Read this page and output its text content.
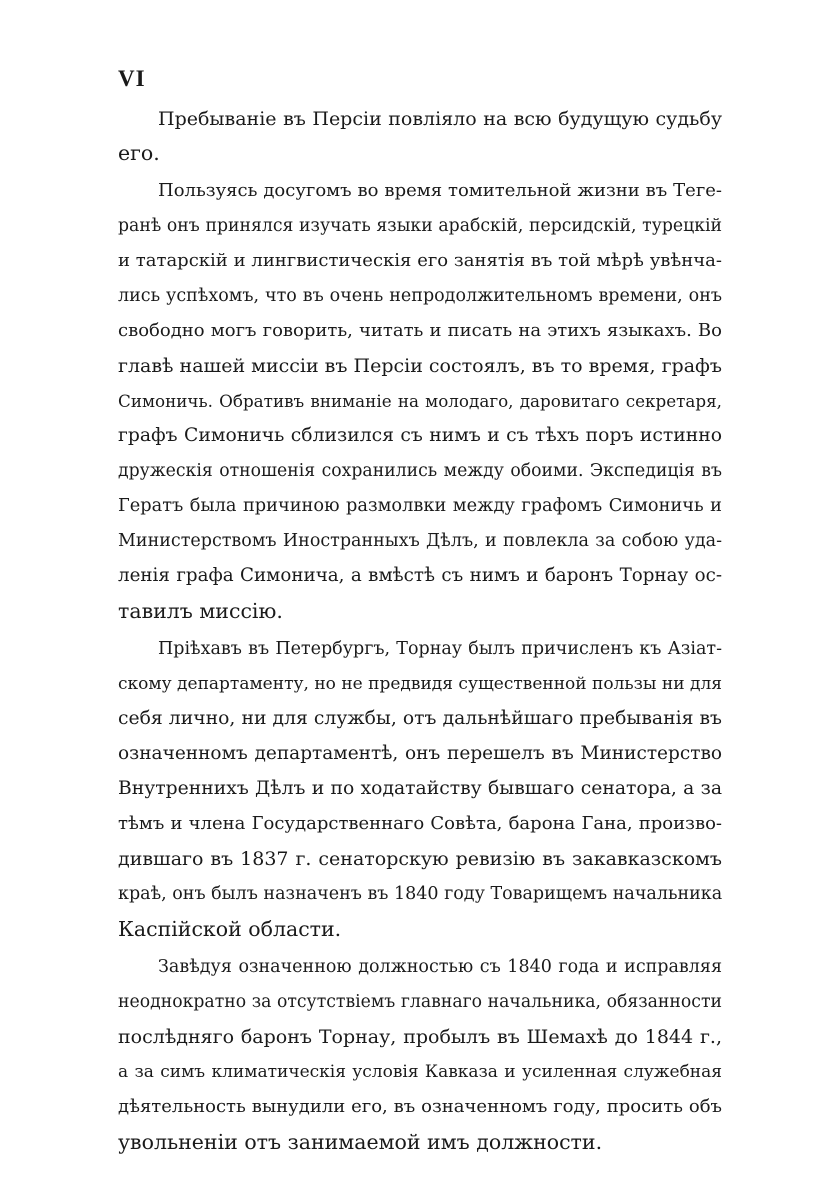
VI
Пребываніе въ Персіи повліяло на всю будущую судьбу
его.
Пользуясь досугомъ во время томительной жизни въ Теге-
ранѣ онъ принялся изучать языки арабскій, персидскій, турецкій
и татарскій и лингвистическія его занятія въ той мѣрѣ увѣнча-
лись успѣхомъ, что въ очень непродолжительномъ времени, онъ
свободно могъ говорить, читать и писать на этихъ языкахъ. Во
главѣ нашей миссіи въ Персіи состоялъ, въ то время, графъ
Симоничь. Обративъ вниманіе на молодаго, даровитаго секретаря,
графъ Симоничь сблизился съ нимъ и съ тѣхъ поръ истинно
дружескія отношенія сохранились между обоими. Экспедиція въ
Гератъ была причиною размолвки между графомъ Симоничь и
Министерствомъ Иностранныхъ Дѣлъ, и повлекла за собою уда-
ленія графа Симонича, а вмѣстѣ съ нимъ и баронъ Торнау ос-
тавилъ миссію.
Пріѣхавъ въ Петербургъ, Торнау былъ причисленъ къ Азіат-
скому департаменту, но не предвидя существенной пользы ни для
себя лично, ни для службы, отъ дальнѣйшаго пребыванія въ
означенномъ департаментѣ, онъ перешелъ въ Министерство
Внутреннихъ Дѣлъ и по ходатайству бывшаго сенатора, а за
тѣмъ и члена Государственнаго Совѣта, барона Гана, произво-
дившаго въ 1837 г. сенаторскую ревизію въ закавказскомъ
краѣ, онъ былъ назначенъ въ 1840 году Товарищемъ начальника
Каспійской области.
Завѣдуя означенною должностью съ 1840 года и исправляя
неоднократно за отсутствіемъ главнаго начальника, обязанности
послѣдняго баронъ Торнау, пробылъ въ Шемахѣ до 1844 г.,
а за симъ климатическія условія Кавказа и усиленная служебная
дѣятельность вынудили его, въ означенномъ году, просить объ
увольненіи отъ занимаемой имъ должности.
